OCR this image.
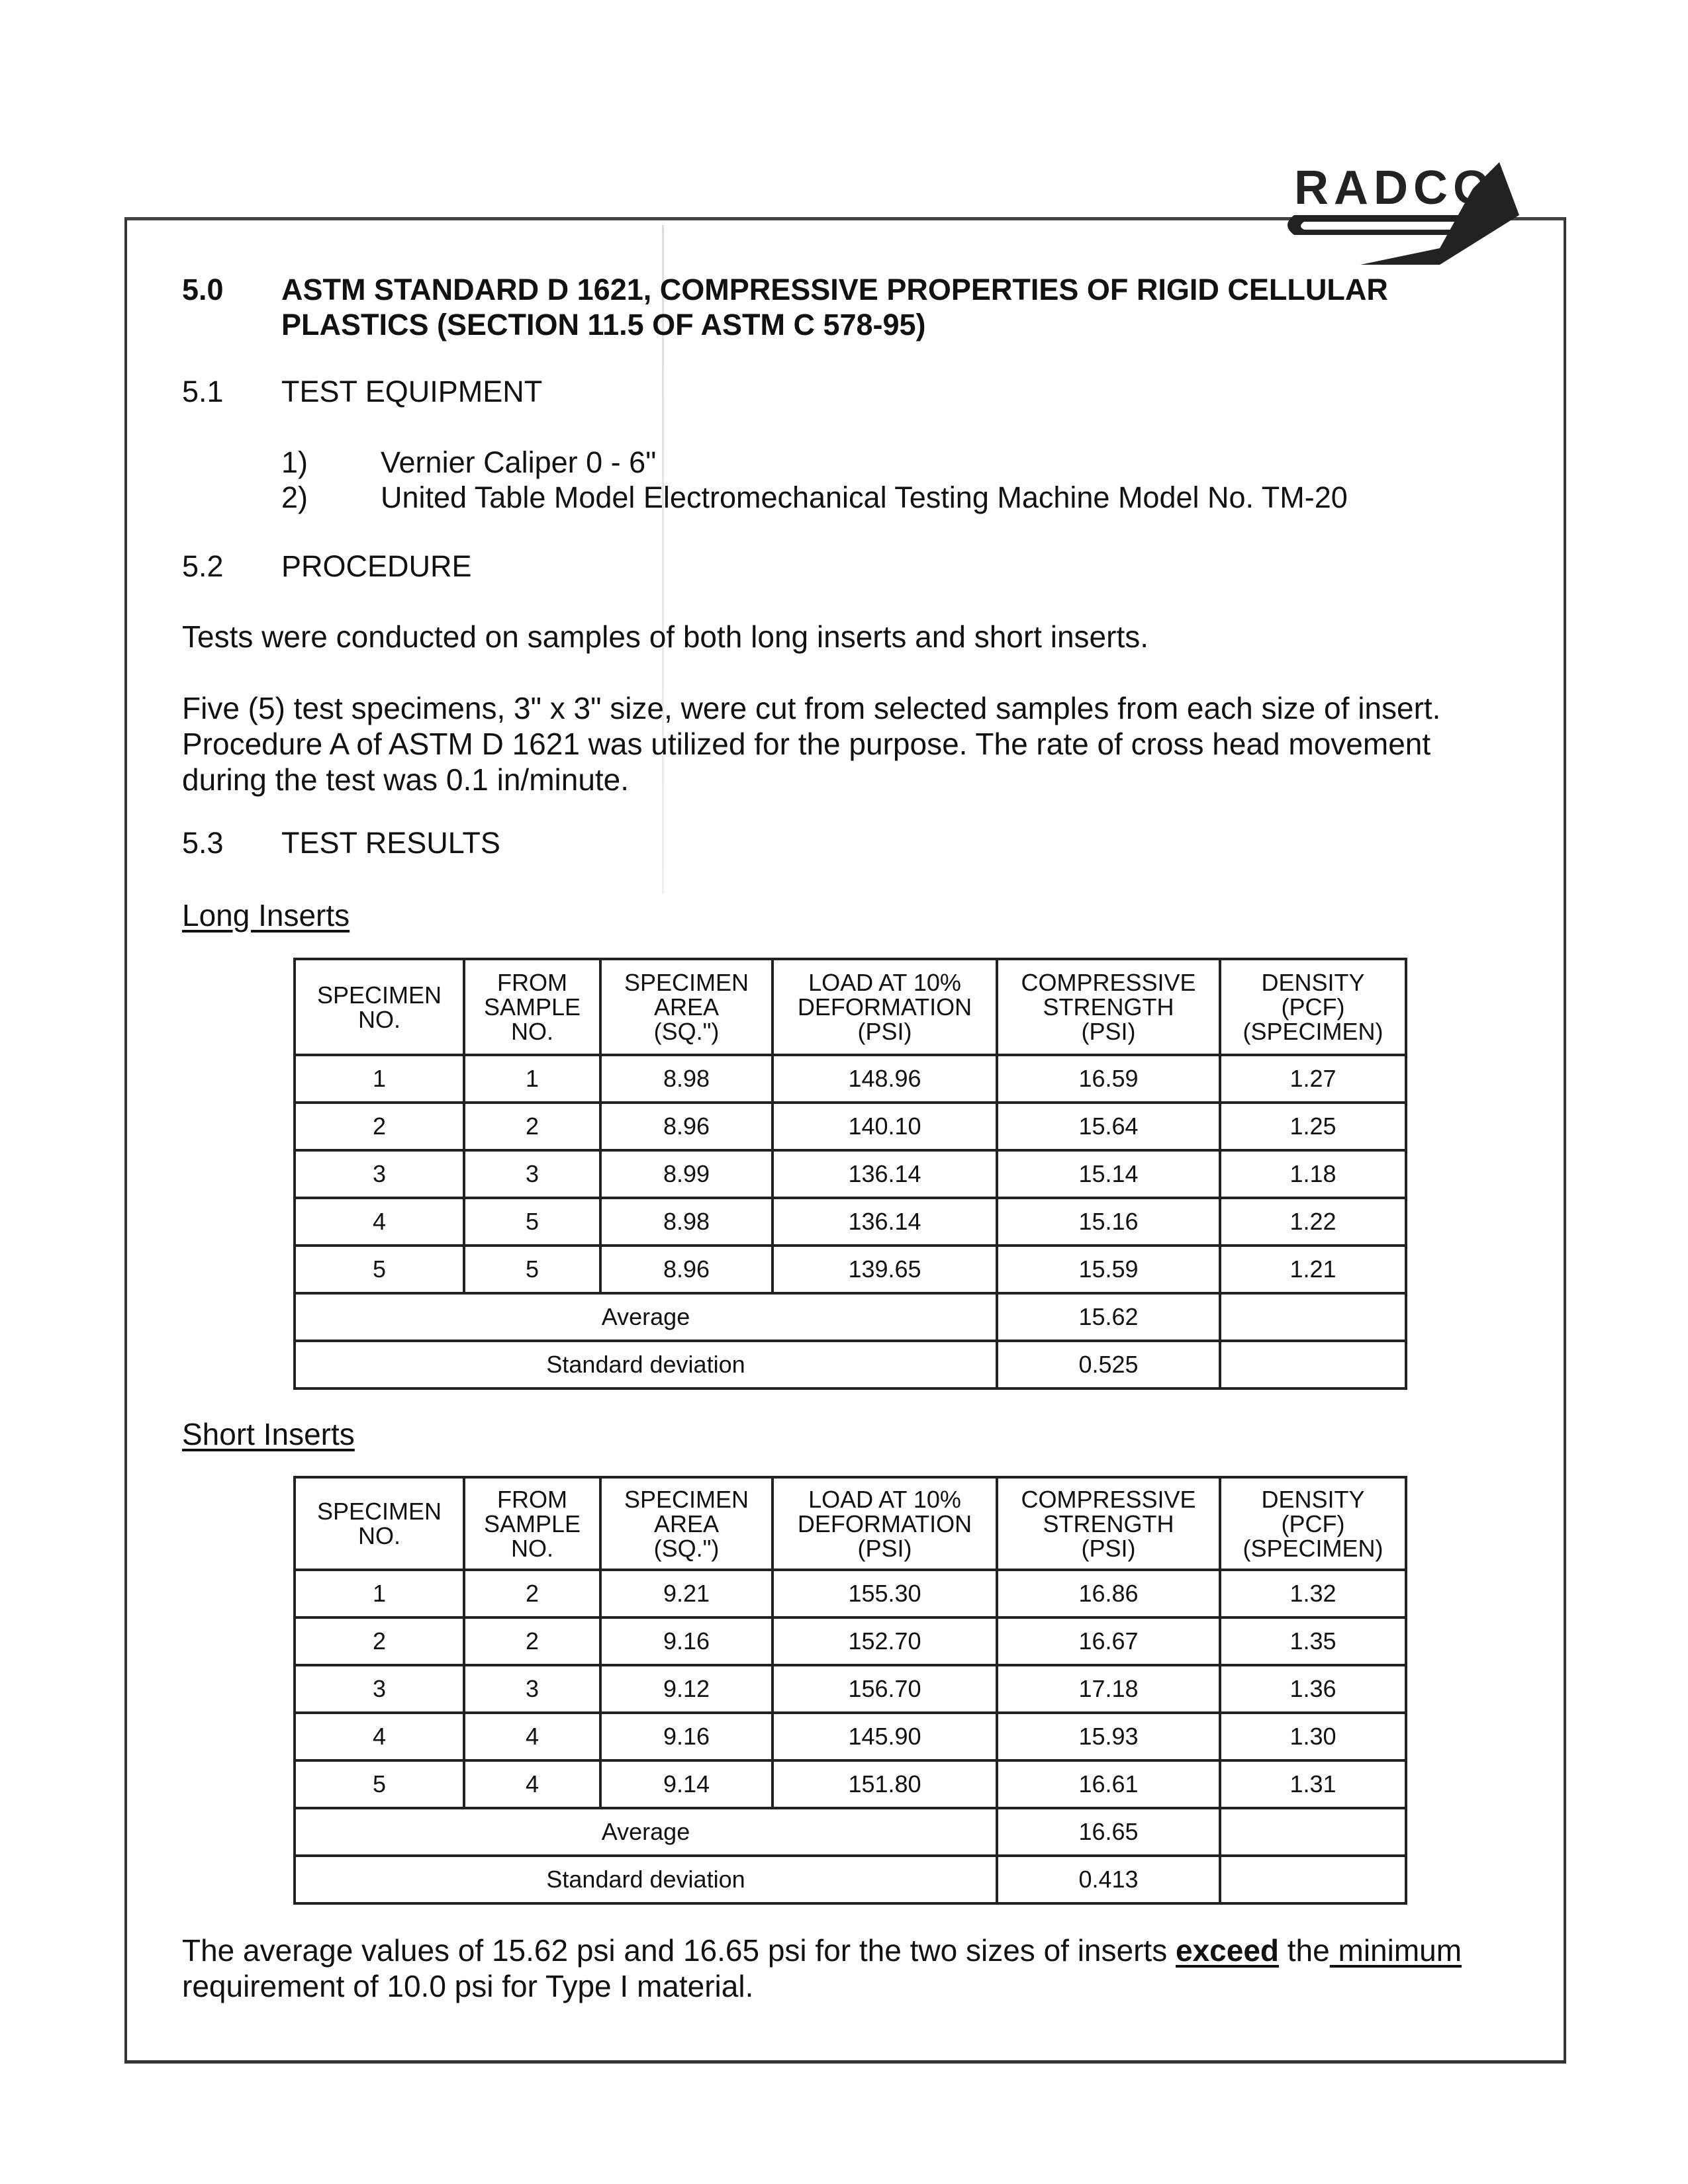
RADCO
5.0 ASTM STANDARD D 1621, COMPRESSIVE PROPERTIES OF RIGID CELLULAR
PLASTICS (SECTION 11.5 OF ASTM C 578-95)
5.1 TEST EQUIPMENT
1) Vernier Caliper 0 - 6"
2) United Table Model Electromechanical Testing Machine Model No. TM-20
5.2 PROCEDURE
Tests were conducted on samples of both long inserts and short inserts.
Five (5) test specimens, 3" x 3" size, were cut from selected samples from each size of insert.
Procedure A of ASTM D 1621 was utilized for the purpose. The rate of cross head movement
during the test was 0.1 in/minute.
5.3 TEST RESULTS
Long Inserts
SPECIMEN
NO.	FROM
SAMPLE
NO.	SPECIMEN
AREA
(SQ.")	LOAD AT 10%
DEFORMATION
(PSI)	COMPRESSIVE
STRENGTH
(PSI)	DENSITY
(PCF)
(SPECIMEN)

1	1	8.98	148.96	16.59	1.27
2	2	8.96	140.10	15.64	1.25
3	3	8.99	136.14	15.14	1.18
4	5	8.98	136.14	15.16	1.22
5	5	8.96	139.65	15.59	1.21
Average				15.62	
Standard deviation				0.525	
Short Inserts
SPECIMEN
NO.	FROM
SAMPLE
NO.	SPECIMEN
AREA
(SQ.")	LOAD AT 10%
DEFORMATION
(PSI)	COMPRESSIVE
STRENGTH
(PSI)	DENSITY
(PCF)
(SPECIMEN)

1	2	9.21	155.30	16.86	1.32
2	2	9.16	152.70	16.67	1.35
3	3	9.12	156.70	17.18	1.36
4	4	9.16	145.90	15.93	1.30
5	4	9.14	151.80	16.61	1.31
Average				16.65	
Standard deviation				0.413	
The average values of 15.62 psi and 16.65 psi for the two sizes of inserts exceed the minimum
requirement of 10.0 psi for Type I material.
